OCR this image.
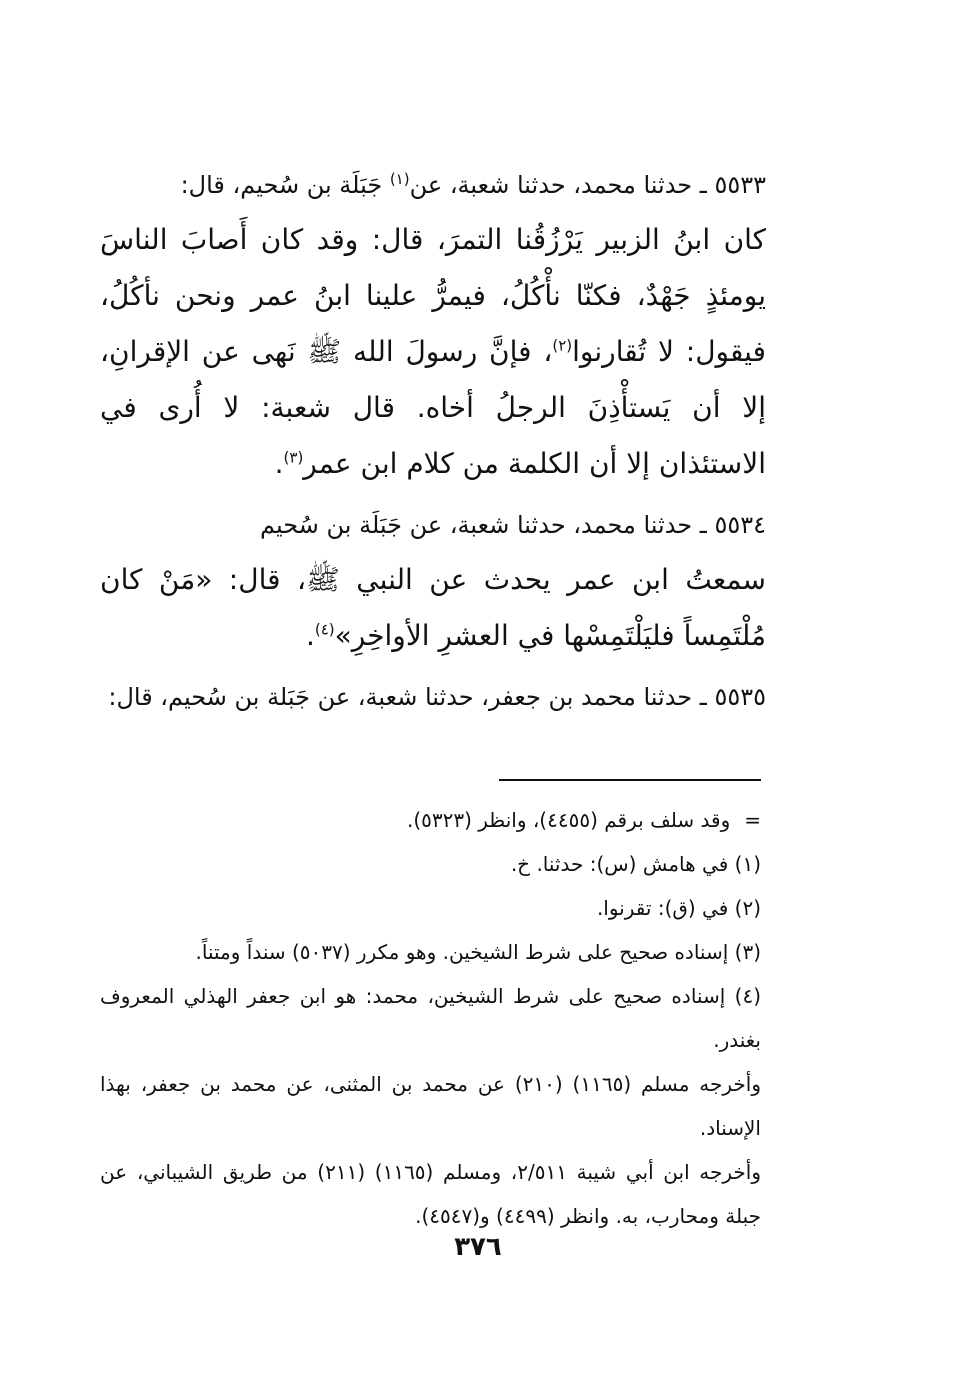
٥٥٣٣ ـ حدثنا محمد، حدثنا شعبة، عن$^{(١)}$ جَبَلَة بن سُحيم، قال:

كان ابنُ الزبير يَرْزُقُنا التمرَ، قال: وقد كان أَصابَ الناسَ يومئذٍ جَهْدٌ، فكنّا نأْكُلُ، فيمرُّ علينا ابنُ عمر ونحن نأكُلُ، فيقول: لا تُقارنوا$^{(٢)}$، فإنَّ رسولَ الله ﷺ نَهى عن الإقرانِ، إلا أن يَستأْذِنَ الرجلُ أخاه. قال شعبة: لا أُرى في الاستئذان إلا أن الكلمة من كلام ابن عمر$^{(٣)}$.

٥٥٣٤ ـ حدثنا محمد، حدثنا شعبة، عن جَبَلَة بن سُحيم

سمعتُ ابن عمر يحدث عن النبي ﷺ، قال: «مَنْ كان مُلْتَمِساً فليَلْتَمِسْها في العشرِ الأواخِرِ»$^{(٤)}$.

٥٥٣٥ ـ حدثنا محمد بن جعفر، حدثنا شعبة، عن جَبَلة بن سُحيم، قال:

=وقد سلف برقم (٤٤٥٥)، وانظر (٥٣٢٣).

(١) في هامش (س): حدثنا. خ.

(٢) في (ق): تقرنوا.

(٣) إسناده صحيح على شرط الشيخين. وهو مكرر (٥٠٣٧) سنداً ومتناً.

(٤) إسناده صحيح على شرط الشيخين، محمد: هو ابن جعفر الهذلي المعروف بغندر.

وأخرجه مسلم (١١٦٥) (٢١٠) عن محمد بن المثنى، عن محمد بن جعفر، بهذا الإسناد.

وأخرجه ابن أبي شيبة ٢/٥١١، ومسلم (١١٦٥) (٢١١) من طريق الشيباني، عن جبلة ومحارب، به. وانظر (٤٤٩٩) و(٤٥٤٧).

٣٧٦
